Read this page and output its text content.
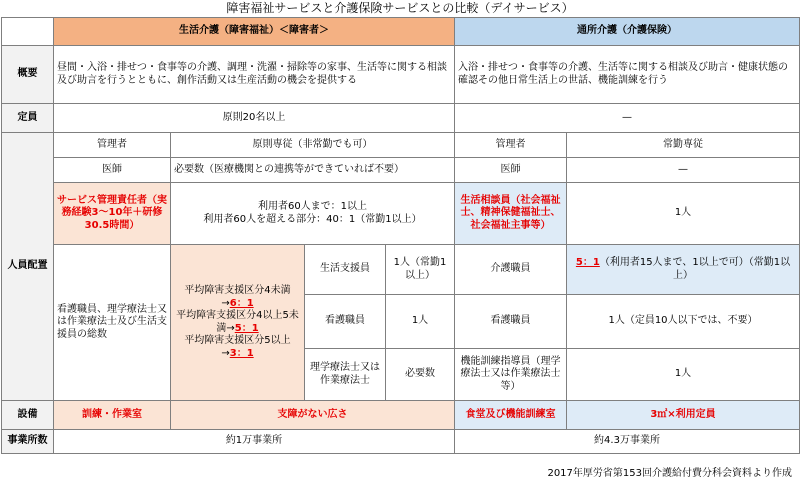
障害福祉サービスと介護保険サービスとの比較（デイサービス）
	生活介護（障害福祉）＜障害者＞				通所介護（介護保険）	
概要	昼間・入浴・排せつ・食事等の介護、調理・洗濯・掃除等の家事、生活等に関する相談及び助言を行うとともに、創作活動又は生産活動の機会を提供する				入浴・排せつ・食事等の介護、生活等に関する相談及び助言・健康状態の確認その他日常生活上の世話、機能訓練を行う	
定員	原則20名以上				—	
人員配置	管理者	原則専従（非常勤でも可）			管理者	常勤専従
	医師	必要数（医療機関との連携等ができていれば不要）			医師	—
	サービス管理責任者（実務経験3〜10年＋研修30.5時間）	利用者60人まで：1以上
利用者60人を超える部分：40：1（常勤1以上）			生活相談員（社会福祉士、精神保健福祉士、社会福祉主事等）	1人
	看護職員、理学療法士又は作業療法士及び生活支援員の総数	平均障害支援区分4未満→6：1
平均障害支援区分4以上5未満→5：1
平均障害支援区分5以上→3：1	生活支援員	1人（常勤1以上）	介護職員	5：1（利用者15人まで、1以上で可）（常勤1以上）
			看護職員	1人	看護職員	1人（定員10人以下では、不要）
			理学療法士又は作業療法士	必要数	機能訓練指導員（理学療法士又は作業療法士等）	1人
設備	訓練・作業室	支障がない広さ			食堂及び機能訓練室	3㎡×利用定員
事業所数	約1万事業所				約4.3万事業所	
2017年厚労省第153回介護給付費分科会資料より作成
